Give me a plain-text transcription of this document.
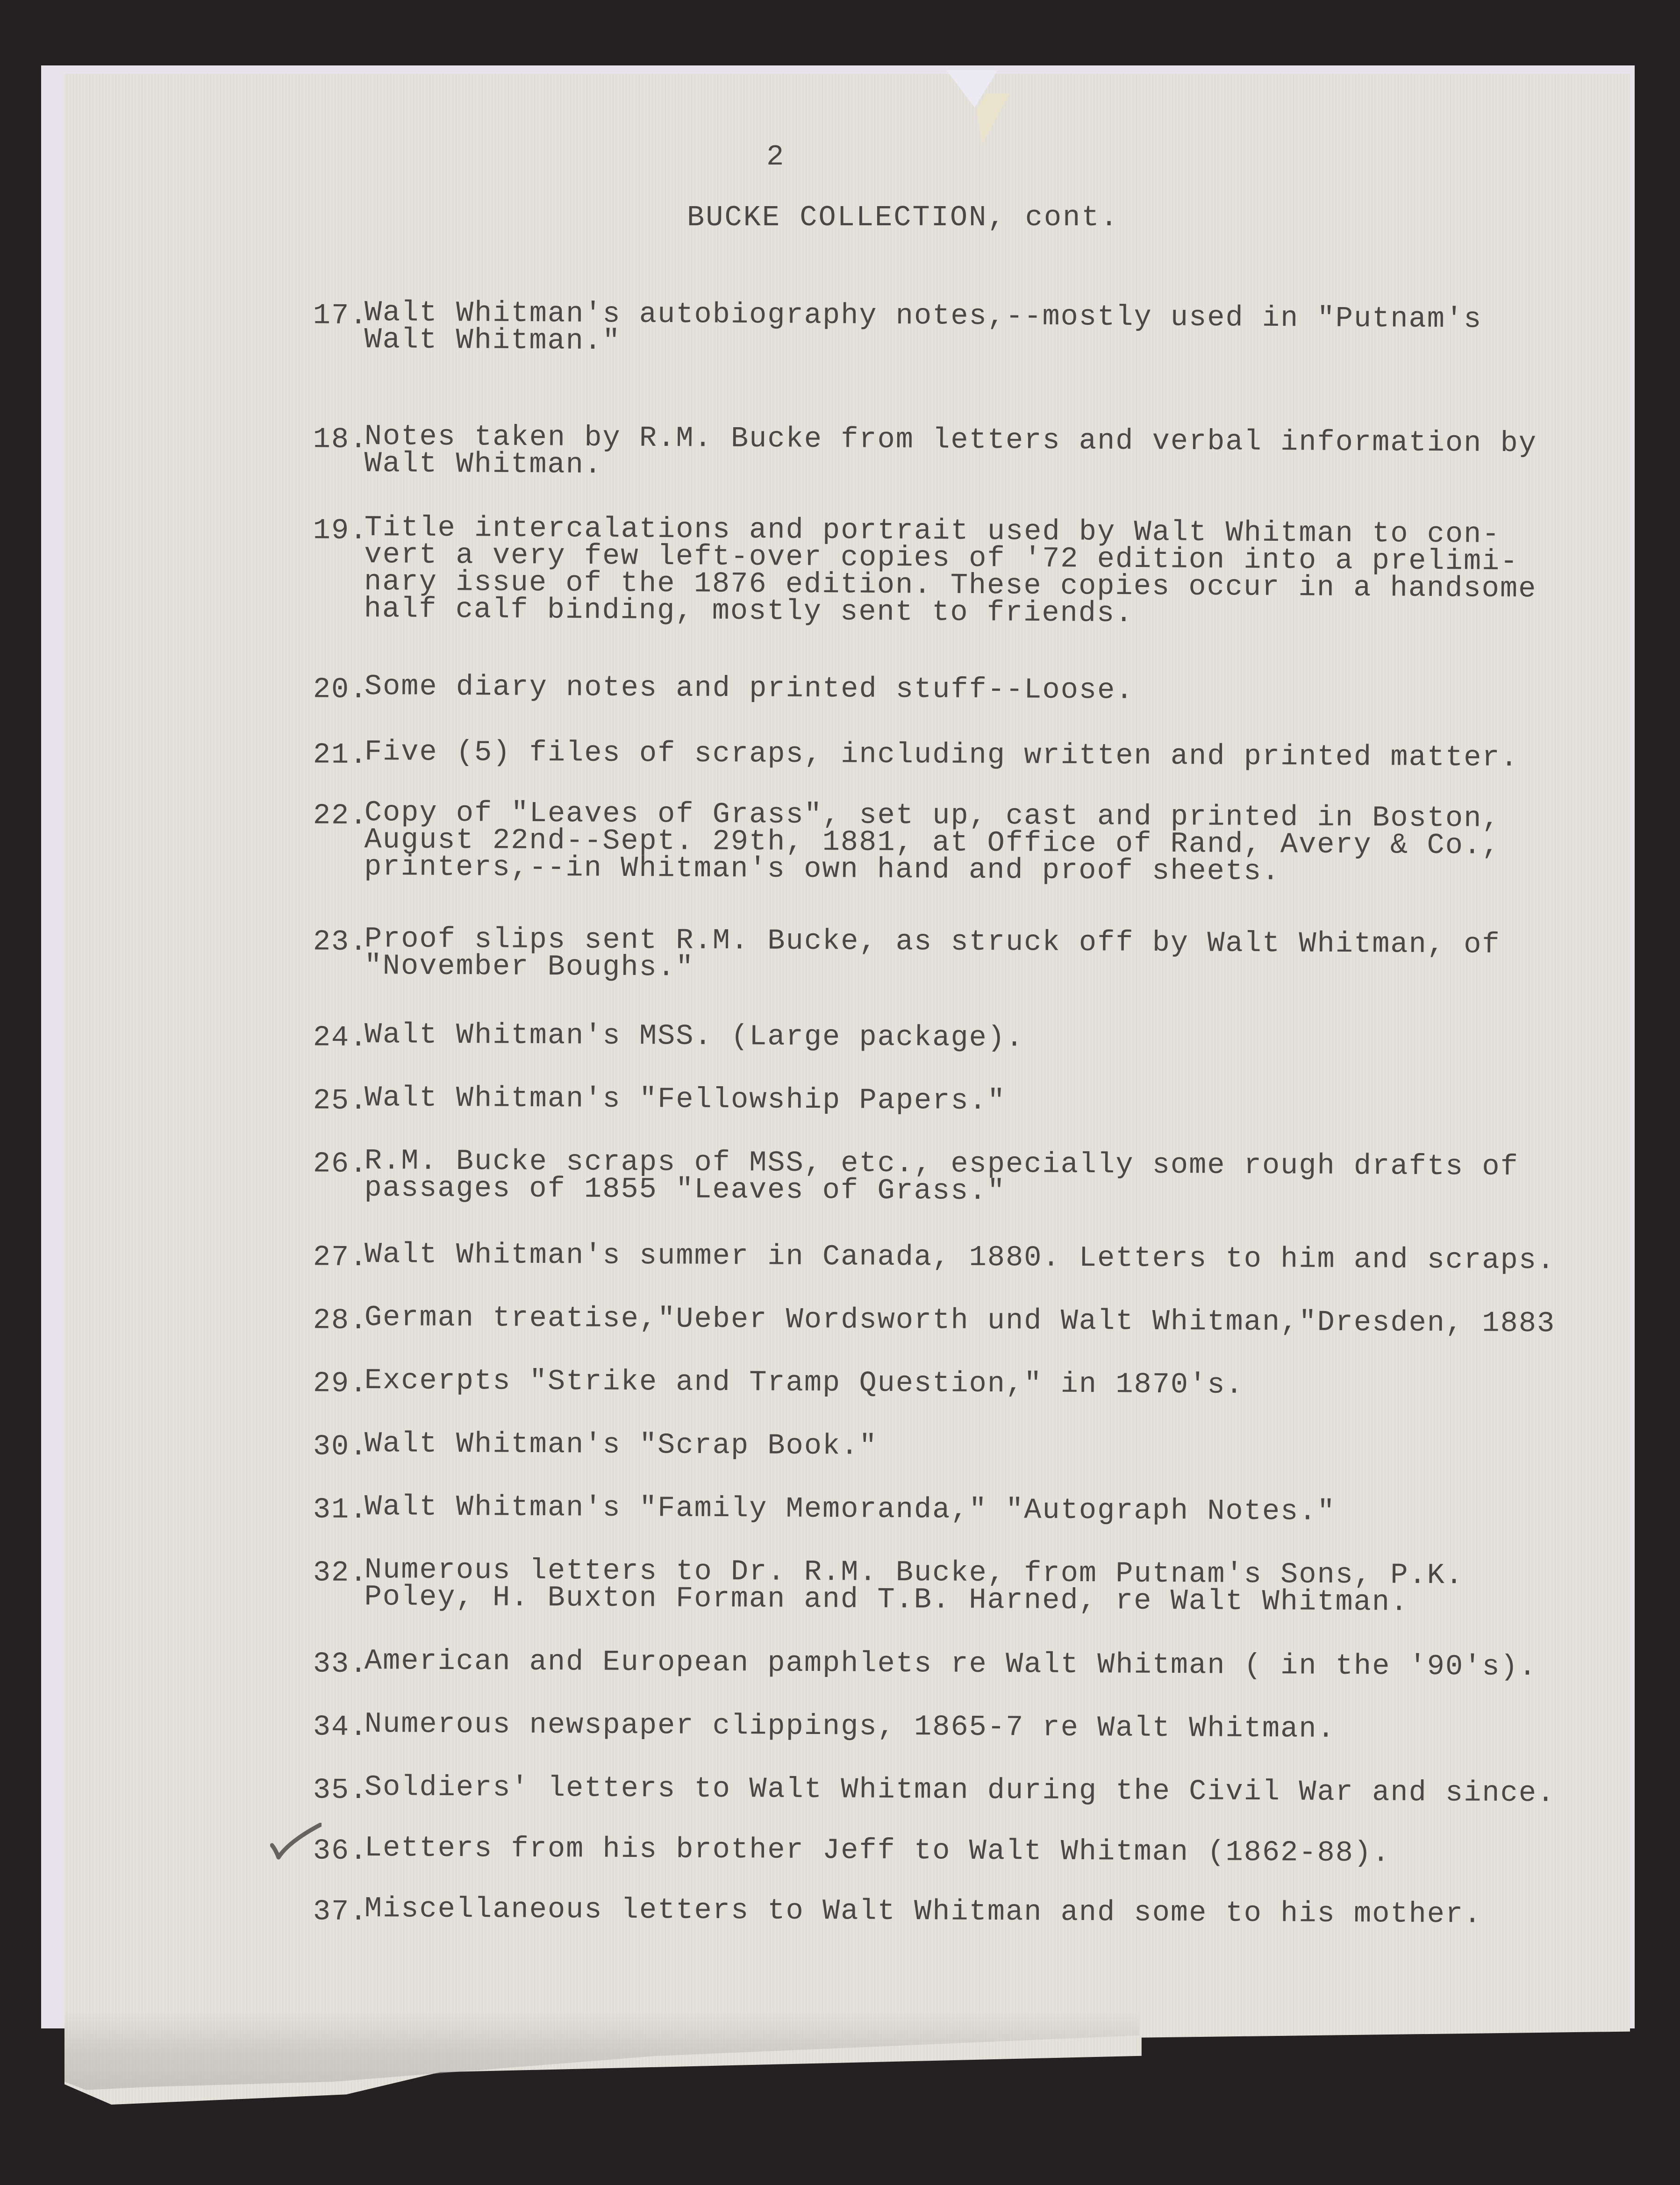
2
BUCKE COLLECTION, cont.
17.
Walt Whitman's autobiography notes,--mostly used in "Putnam's
Walt Whitman."
18.
Notes taken by R.M. Bucke from letters and verbal information by
Walt Whitman.
19.
Title intercalations and portrait used by Walt Whitman to con-
vert a very few left-over copies of '72 edition into a prelimi-
nary issue of the 1876 edition. These copies occur in a handsome
half calf binding, mostly sent to friends.
20.
Some diary notes and printed stuff--Loose.
21.
Five (5) files of scraps, including written and printed matter.
22.
Copy of "Leaves of Grass", set up, cast and printed in Boston,
August 22nd--Sept. 29th, 1881, at Office of Rand, Avery & Co.,
printers,--in Whitman's own hand and proof sheets.
23.
Proof slips sent R.M. Bucke, as struck off by Walt Whitman, of
"November Boughs."
24.
Walt Whitman's MSS. (Large package).
25.
Walt Whitman's "Fellowship Papers."
26.
R.M. Bucke scraps of MSS, etc., especially some rough drafts of
passages of 1855 "Leaves of Grass."
27.
Walt Whitman's summer in Canada, 1880. Letters to him and scraps.
28.
German treatise,"Ueber Wordsworth und Walt Whitman,"Dresden, 1883
29.
Excerpts "Strike and Tramp Question," in 1870's.
30.
Walt Whitman's "Scrap Book."
31.
Walt Whitman's "Family Memoranda," "Autograph Notes."
32.
Numerous letters to Dr. R.M. Bucke, from Putnam's Sons, P.K.
Poley, H. Buxton Forman and T.B. Harned, re Walt Whitman.
33.
American and European pamphlets re Walt Whitman ( in the '90's).
34.
Numerous newspaper clippings, 1865-7 re Walt Whitman.
35.
Soldiers' letters to Walt Whitman during the Civil War and since.
36.
Letters from his brother Jeff to Walt Whitman (1862-88).
37.
Miscellaneous letters to Walt Whitman and some to his mother.
